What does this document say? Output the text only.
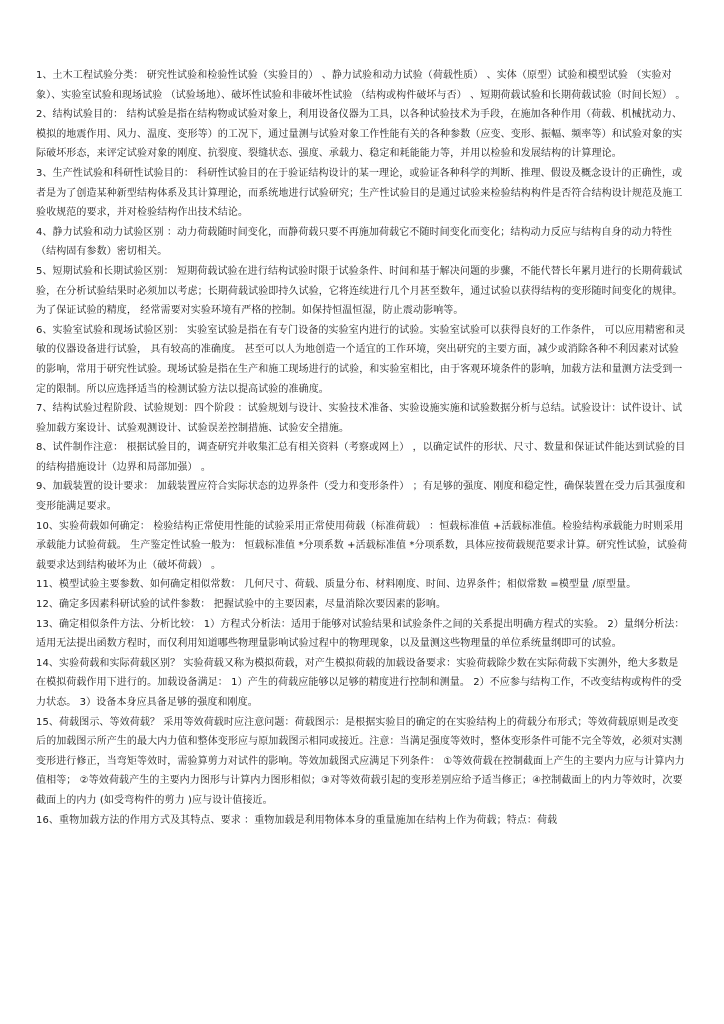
1、土木工程试验分类： 研究性试验和检验性试验（实验目的） 、静力试验和动力试验（荷载性质） 、实体（原型）试验和模型试验 （实验对象）、实验室试验和现场试验 （试验场地）、破坏性试验和非破坏性试验 （结构或构件破坏与否） 、短期荷载试验和长期荷载试验（时间长短） 。

2、结构试验目的： 结构试验是指在结构物或试验对象上，利用设备仪器为工具，以各种试验技术为手段，在施加各种作用（荷载、机械扰动力、模拟的地震作用、风力、温度、变形等）的工况下，通过量测与试验对象工作性能有关的各种参数（应变、变形、振幅、频率等）和试验对象的实际破坏形态，来评定试验对象的刚度、抗裂度、裂缝状态、强度、承载力、稳定和耗能能力等，并用以检验和发展结构的计算理论。

3、生产性试验和科研性试验目的： 科研性试验目的在于验证结构设计的某一理论，或验证各种科学的判断、推理、假设及概念设计的正确性，或者是为了创造某种新型结构体系及其计算理论，而系统地进行试验研究；生产性试验目的是通过试验来检验结构构件是否符合结构设计规范及施工验收规范的要求，并对检验结构作出技术结论。

4、静力试验和动力试验区别 ：动力荷载随时间变化，而静荷载只要不再施加荷载它不随时间变化而变化；结构动力反应与结构自身的动力特性（结构固有参数）密切相关。

5、短期试验和长期试验区别： 短期荷载试验在进行结构试验时限于试验条件、时间和基于解决问题的步骤，不能代替长年累月进行的长期荷载试验，在分析试验结果时必须加以考虑；长期荷载试验即持久试验，它将连续进行几个月甚至数年，通过试验以获得结构的变形随时间变化的规律。 为了保证试验的精度， 经常需要对实验环境有严格的控制。如保持恒温恒湿，防止震动影响等。

6、实验室试验和现场试验区别： 实验室试验是指在有专门设备的实验室内进行的试验。实验室试验可以获得良好的工作条件， 可以应用精密和灵敏的仪器设备进行试验， 具有较高的准确度。 甚至可以人为地创造一个适宜的工作环境，突出研究的主要方面，减少或消除各种不利因素对试验的影响，常用于研究性试验。现场试验是指在生产和施工现场进行的试验，和实验室相比，由于客观环境条件的影响，加载方法和量测方法受到一定的限制。所以应选择适当的检测试验方法以提高试验的准确度。

7、结构试验过程阶段、试验规划：四个阶段 ：试验规划与设计、实验技术准备、实验设施实施和试验数据分析与总结。试验设计：试件设计、试验加载方案设计、试验观测设计、试验误差控制措施、试验安全措施。

8、试件制作注意： 根据试验目的，调查研究并收集汇总有相关资料（考察或网上） ，以确定试件的形状、尺寸、数量和保证试件能达到试验的目的结构措施设计（边界和局部加强） 。

9、加载装置的设计要求： 加载装置应符合实际状态的边界条件（受力和变形条件） ；有足够的强度、刚度和稳定性，确保装置在受力后其强度和变形能满足要求。

10、实验荷载如何确定： 检验结构正常使用性能的试验采用正常使用荷载（标准荷载） ：恒载标准值 +活载标准值。检验结构承载能力时则采用承载能力试验荷载。 生产鉴定性试验一般为： 恒载标准值 *分项系数 +活载标准值 *分项系数，具体应按荷载规范要求计算。研究性试验，试验荷载要求达到结构破坏为止（破坏荷载） 。

11、模型试验主要参数、如何确定相似常数： 几何尺寸、荷载、质量分布、材料刚度、时间、边界条件；相似常数 =模型量 /原型量。

12、确定多因素科研试验的试件参数： 把握试验中的主要因素，尽量消除次要因素的影响。

13、确定相似条件方法、分析比较： 1）方程式分析法：适用于能够对试验结果和试验条件之间的关系提出明确方程式的实验。 2）量纲分析法：适用无法提出函数方程时，而仅利用知道哪些物理量影响试验过程中的物理现象，以及量测这些物理量的单位系统量纲即可的试验。

14、实验荷载和实际荷载区别？ 实验荷载又称为模拟荷载，对产生模拟荷载的加载设备要求：实验荷载除少数在实际荷载下实测外，绝大多数是在模拟荷载作用下进行的。加载设备满足： 1）产生的荷载应能够以足够的精度进行控制和测量。 2）不应参与结构工作，不改变结构或构件的受力状态。 3）设备本身应具备足够的强度和刚度。

15、荷载图示、等效荷载？ 采用等效荷载时应注意问题：荷载图示：是根据实验目的确定的在实验结构上的荷载分布形式；等效荷载原则是改变后的加载图示所产生的最大内力值和整体变形应与原加载图示相同或接近。注意：当满足强度等效时，整体变形条件可能不完全等效，必须对实测变形进行修正，当弯矩等效时，需验算剪力对试件的影响。等效加载图式应满足下列条件： ①等效荷载在控制截面上产生的主要内力应与计算内力值相等； ②等效荷载产生的主要内力图形与计算内力图形相似；③对等效荷载引起的变形差别应给予适当修正；④控制截面上的内力等效时，次要截面上的内力 (如受弯构件的剪力 )应与设计值接近。

16、重物加载方法的作用方式及其特点、要求 ：重物加载是利用物体本身的重量施加在结构上作为荷载；特点：荷载
